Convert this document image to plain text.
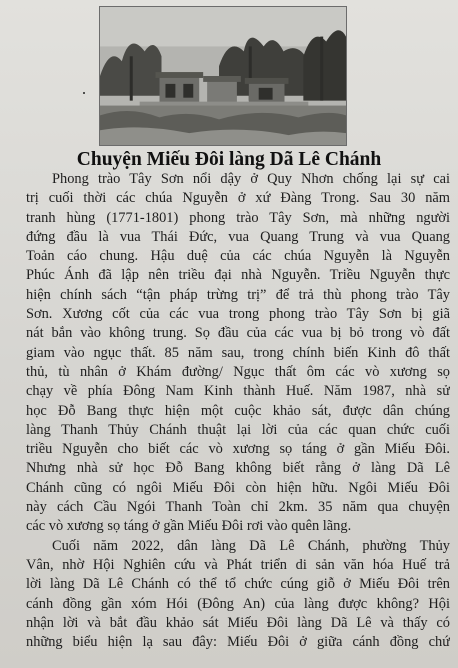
Chuyện Miếu Đôi làng Dã Lê Chánh
Phong trào Tây Sơn nổi dậy ở Quy Nhơn chống lại sự cai
trị cuối thời các chúa Nguyễn ở xứ Đàng Trong. Sau 30 năm
tranh hùng (1771-1801) phong trào Tây Sơn, mà những người
đứng đầu là vua Thái Đức, vua Quang Trung và vua Quang
Toản cáo chung. Hậu duệ của các chúa Nguyễn là Nguyễn
Phúc Ánh đã lập nên triều đại nhà Nguyễn. Triều Nguyễn thực
hiện chính sách “tận pháp trừng trị” để trả thù phong trào Tây
Sơn. Xương cốt của các vua trong phong trào Tây Sơn bị giã
nát bắn vào không trung. Sọ đầu của các vua bị bỏ trong vò đất
giam vào ngục thất. 85 năm sau, trong chính biến Kinh đô thất
thủ, tù nhân ở Khám đường/ Ngục thất ôm các vò xương sọ
chạy về phía Đông Nam Kinh thành Huế. Năm 1987, nhà sử
học Đỗ Bang thực hiện một cuộc khảo sát, được dân chúng
làng Thanh Thủy Chánh thuật lại lời của các quan chức cuối
triều Nguyễn cho biết các vò xương sọ táng ở gần Miếu Đôi.
Nhưng nhà sử học Đỗ Bang không biết rằng ở làng Dã Lê
Chánh cũng có ngôi Miếu Đôi còn hiện hữu. Ngôi Miếu Đôi
này cách Cầu Ngói Thanh Toàn chỉ 2km. 35 năm qua chuyện
các vò xương sọ táng ở gần Miếu Đôi rơi vào quên lãng.
Cuối năm 2022, dân làng Dã Lê Chánh, phường Thủy
Vân, nhờ Hội Nghiên cứu và Phát triển di sản văn hóa Huế trả
lời làng Dã Lê Chánh có thể tổ chức cúng giỗ ở Miếu Đôi trên
cánh đồng gần xóm Hói (Đông An) của làng được không? Hội
nhận lời và bắt đầu khảo sát Miếu Đôi làng Dã Lê và thấy có
những biểu hiện lạ sau đây: Miếu Đôi ở giữa cánh đồng chứ
